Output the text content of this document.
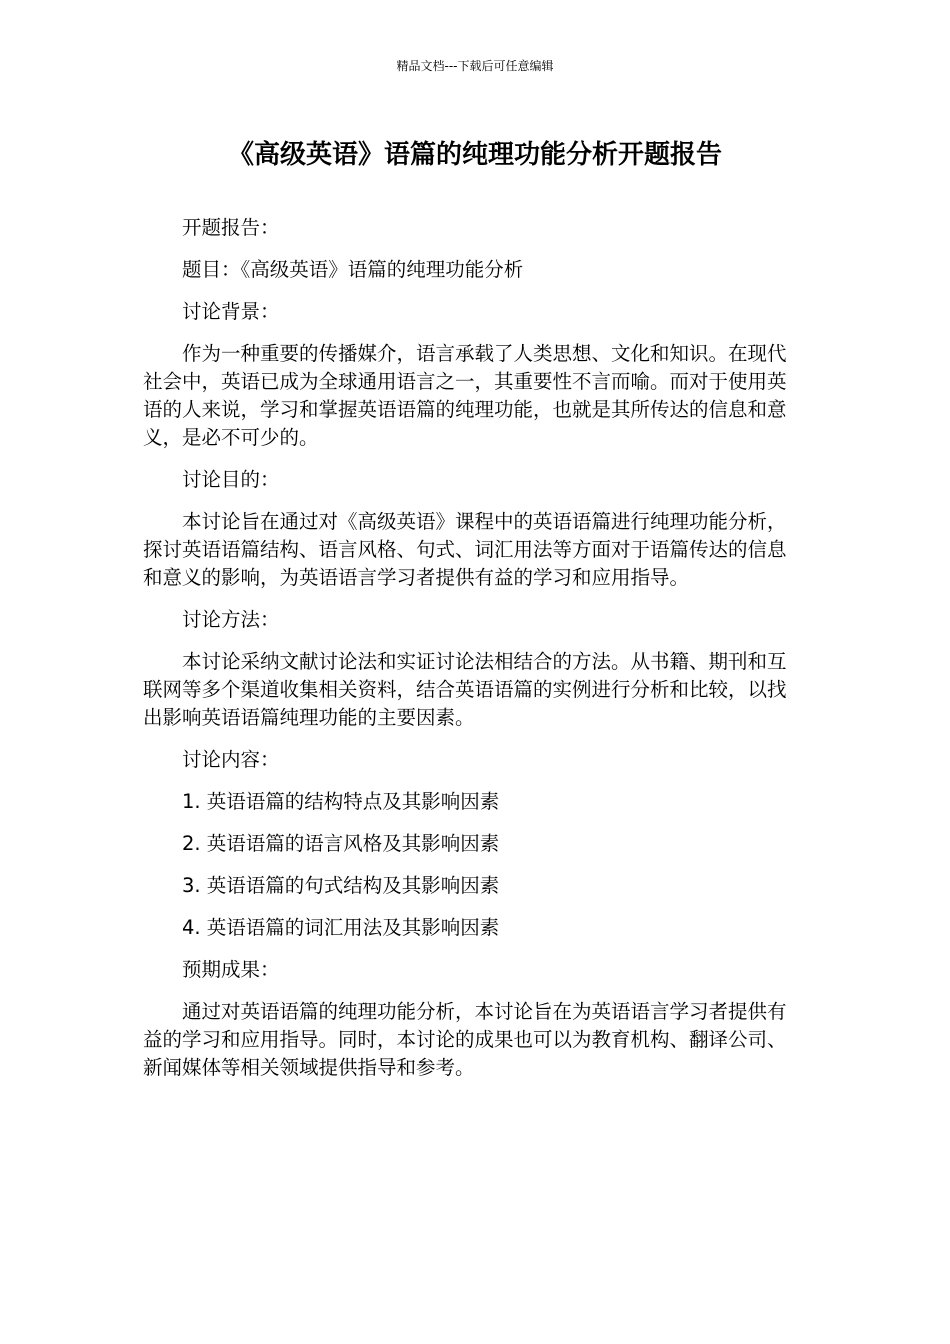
精品文档---下载后可任意编辑
《高级英语》语篇的纯理功能分析开题报告

开题报告：

题目：《高级英语》语篇的纯理功能分析

讨论背景：

作为一种重要的传播媒介，语言承载了人类思想、文化和知识。在现代社会中，英语已成为全球通用语言之一，其重要性不言而喻。而对于使用英语的人来说，学习和掌握英语语篇的纯理功能，也就是其所传达的信息和意义，是必不可少的。

讨论目的：

本讨论旨在通过对《高级英语》课程中的英语语篇进行纯理功能分析，探讨英语语篇结构、语言风格、句式、词汇用法等方面对于语篇传达的信息和意义的影响，为英语语言学习者提供有益的学习和应用指导。

讨论方法：

本讨论采纳文献讨论法和实证讨论法相结合的方法。从书籍、期刊和互联网等多个渠道收集相关资料，结合英语语篇的实例进行分析和比较，以找出影响英语语篇纯理功能的主要因素。

讨论内容：

1. 英语语篇的结构特点及其影响因素

2. 英语语篇的语言风格及其影响因素

3. 英语语篇的句式结构及其影响因素

4. 英语语篇的词汇用法及其影响因素

预期成果：

通过对英语语篇的纯理功能分析，本讨论旨在为英语语言学习者提供有益的学习和应用指导。同时，本讨论的成果也可以为教育机构、翻译公司、新闻媒体等相关领域提供指导和参考。
